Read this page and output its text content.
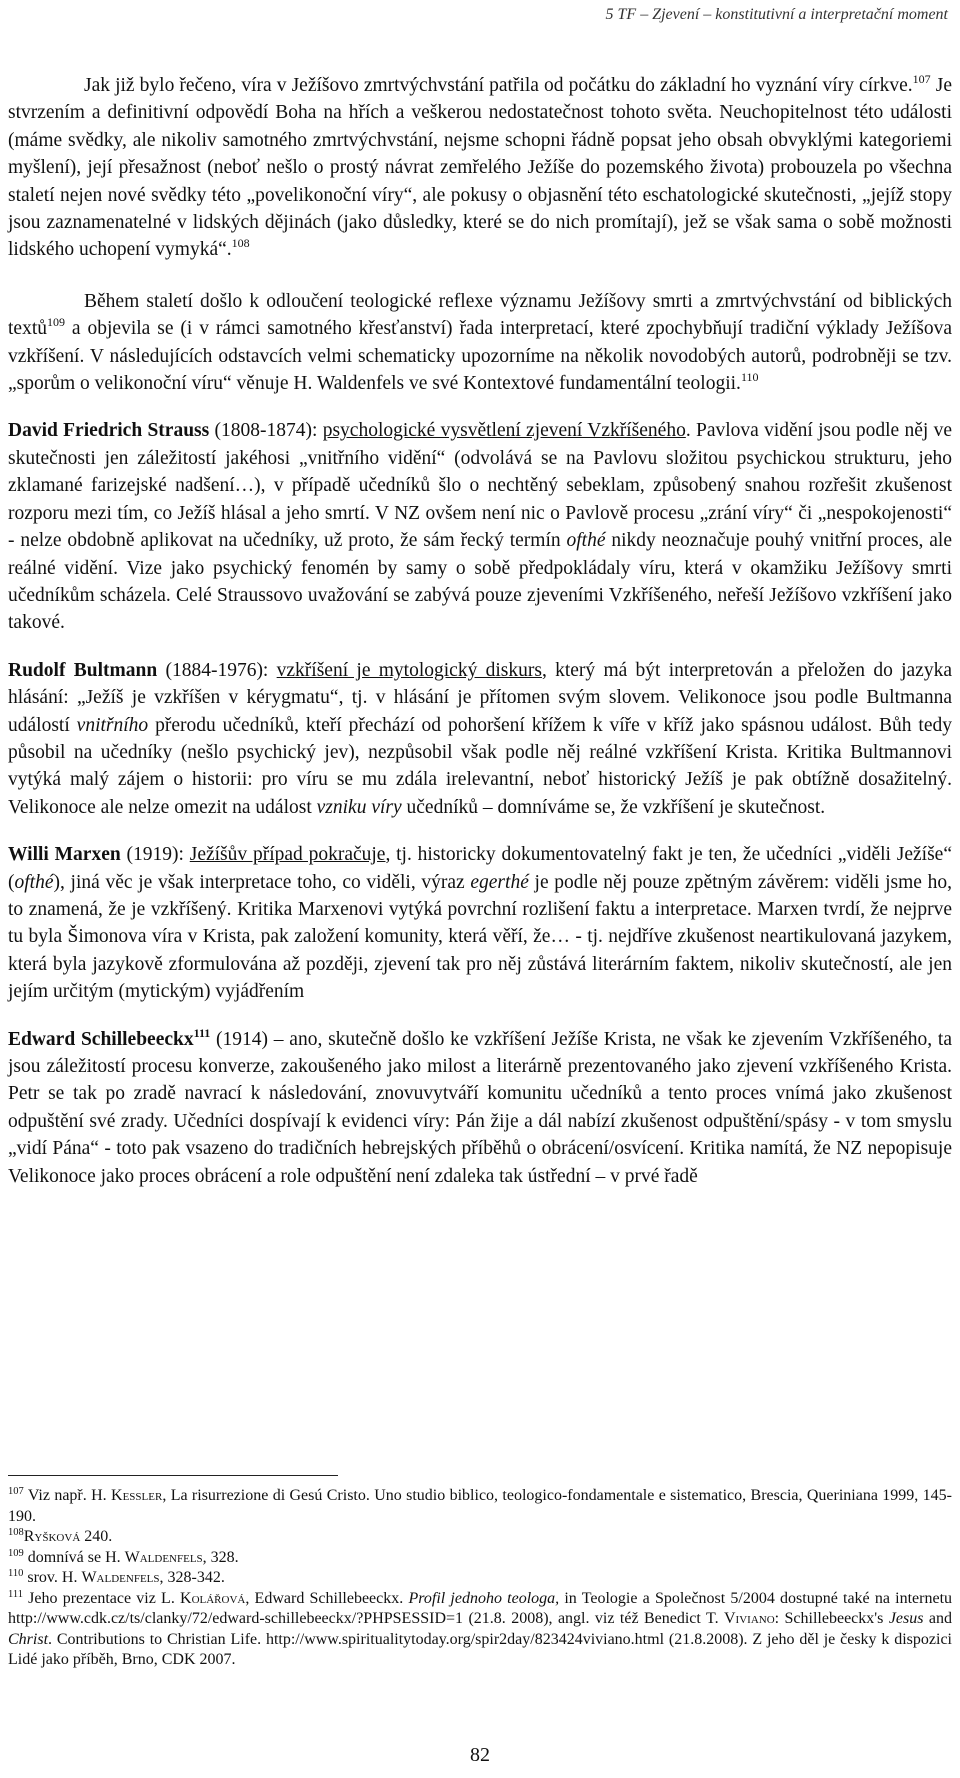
5 TF – Zjevení – konstitutivní a interpretační moment

Jak již bylo řečeno, víra v Ježíšovo zmrtvýchvstání patřila od počátku do základní ho vyznání víry církve.$^{107}$ Je stvrzením a definitivní odpovědí Boha na hřích a veškerou nedostatečnost tohoto světa. Neuchopitelnost této události (máme svědky, ale nikoliv samotného zmrtvýchvstání, nejsme schopni řádně popsat jeho obsah obvyklými kategoriemi myšlení), její přesažnost (neboť nešlo o prostý návrat zemřelého Ježíše do pozemského života) probouzela po všechna staletí nejen nové svědky této „povelikonoční víry“, ale pokusy o objasnění této eschatologické skutečnosti, „jejíž stopy jsou zaznamenatelné v lidských dějinách (jako důsledky, které se do nich promítají), jež se však sama o sobě možnosti lidského uchopení vymyká“.$^{108}$

Během staletí došlo k odloučení teologické reflexe významu Ježíšovy smrti a zmrtvýchvstání od biblických textů$^{109}$ a objevila se (i v rámci samotného křesťanství) řada interpretací, které zpochybňují tradiční výklady Ježíšova vzkříšení. V následujících odstavcích velmi schematicky upozorníme na několik novodobých autorů, podrobněji se tzv. „sporům o velikonoční víru“ věnuje H. Waldenfels ve své Kontextové fundamentální teologii.$^{110}$

David Friedrich Strauss (1808-1874): psychologické vysvětlení zjevení Vzkříšeného. Pavlova vidění jsou podle něj ve skutečnosti jen záležitostí jakéhosi „vnitřního vidění“ (odvolává se na Pavlovu složitou psychickou strukturu, jeho zklamané farizejské nadšení…), v případě učedníků šlo o nechtěný sebeklam, způsobený snahou rozřešit zkušenost rozporu mezi tím, co Ježíš hlásal a jeho smrtí. V NZ ovšem není nic o Pavlově procesu „zrání víry“ či „nespokojenosti“ - nelze obdobně aplikovat na učedníky, už proto, že sám řecký termín ofthé nikdy neoznačuje pouhý vnitřní proces, ale reálné vidění. Vize jako psychický fenomén by samy o sobě předpokládaly víru, která v okamžiku Ježíšovy smrti učedníkům scházela. Celé Straussovo uvažování se zabývá pouze zjeveními Vzkříšeného, neřeší Ježíšovo vzkříšení jako takové.

Rudolf Bultmann (1884-1976): vzkříšení je mytologický diskurs, který má být interpretován a přeložen do jazyka hlásání: „Ježíš je vzkříšen v kérygmatu“, tj. v hlásání je přítomen svým slovem. Velikonoce jsou podle Bultmanna událostí vnitřního přerodu učedníků, kteří přechází od pohoršení křížem k víře v kříž jako spásnou událost. Bůh tedy působil na učedníky (nešlo psychický jev), nezpůsobil však podle něj reálné vzkříšení Krista. Kritika Bultmannovi vytýká malý zájem o historii: pro víru se mu zdála irelevantní, neboť historický Ježíš je pak obtížně dosažitelný. Velikonoce ale nelze omezit na událost vzniku víry učedníků – domníváme se, že vzkříšení je skutečnost.

Willi Marxen (1919): Ježíšův případ pokračuje, tj. historicky dokumentovatelný fakt je ten, že učedníci „viděli Ježíše“ (ofthé), jiná věc je však interpretace toho, co viděli, výraz egerthé je podle něj pouze zpětným závěrem: viděli jsme ho, to znamená, že je vzkříšený. Kritika Marxenovi vytýká povrchní rozlišení faktu a interpretace. Marxen tvrdí, že nejprve tu byla Šimonova víra v Krista, pak založení komunity, která věří, že… - tj. nejdříve zkušenost neartikulovaná jazykem, která byla jazykově zformulována až později, zjevení tak pro něj zůstává literárním faktem, nikoliv skutečností, ale jen jejím určitým (mytickým) vyjádřením

Edward Schillebeeckx$^{111}$ (1914) – ano, skutečně došlo ke vzkříšení Ježíše Krista, ne však ke zjevením Vzkříšeného, ta jsou záležitostí procesu konverze, zakoušeného jako milost a literárně prezentovaného jako zjevení vzkříšeného Krista. Petr se tak po zradě navrací k následování, znovuvytváří komunitu učedníků a tento proces vnímá jako zkušenost odpuštění své zrady. Učedníci dospívají k evidenci víry: Pán žije a dál nabízí zkušenost odpuštění/spásy - v tom smyslu „vidí Pána“ - toto pak vsazeno do tradičních hebrejských příběhů o obrácení/osvícení. Kritika namítá, že NZ nepopisuje Velikonoce jako proces obrácení a role odpuštění není zdaleka tak ústřední – v prvé řadě

$^{107}$ Viz např. H. Kessler, La risurrezione di Gesú Cristo. Uno studio biblico, teologico-fondamentale e sistematico, Brescia, Queriniana 1999, 145-190.

$^{108}$Ryšková 240.

$^{109}$ domnívá se H. Waldenfels, 328.

$^{110}$ srov. H. Waldenfels, 328-342.

$^{111}$ Jeho prezentace viz L. Kolářová, Edward Schillebeeckx. Profil jednoho teologa, in Teologie a Společnost 5/2004 dostupné také na internetu http://www.cdk.cz/ts/clanky/72/edward-schillebeeckx/?PHPSESSID=1 (21.8. 2008), angl. viz též Benedict T. Viviano: Schillebeeckx's Jesus and Christ. Contributions to Christian Life. http://www.spiritualitytoday.org/spir2day/823424viviano.html (21.8.2008). Z jeho děl je česky k dispozici Lidé jako příběh, Brno, CDK 2007.

82
